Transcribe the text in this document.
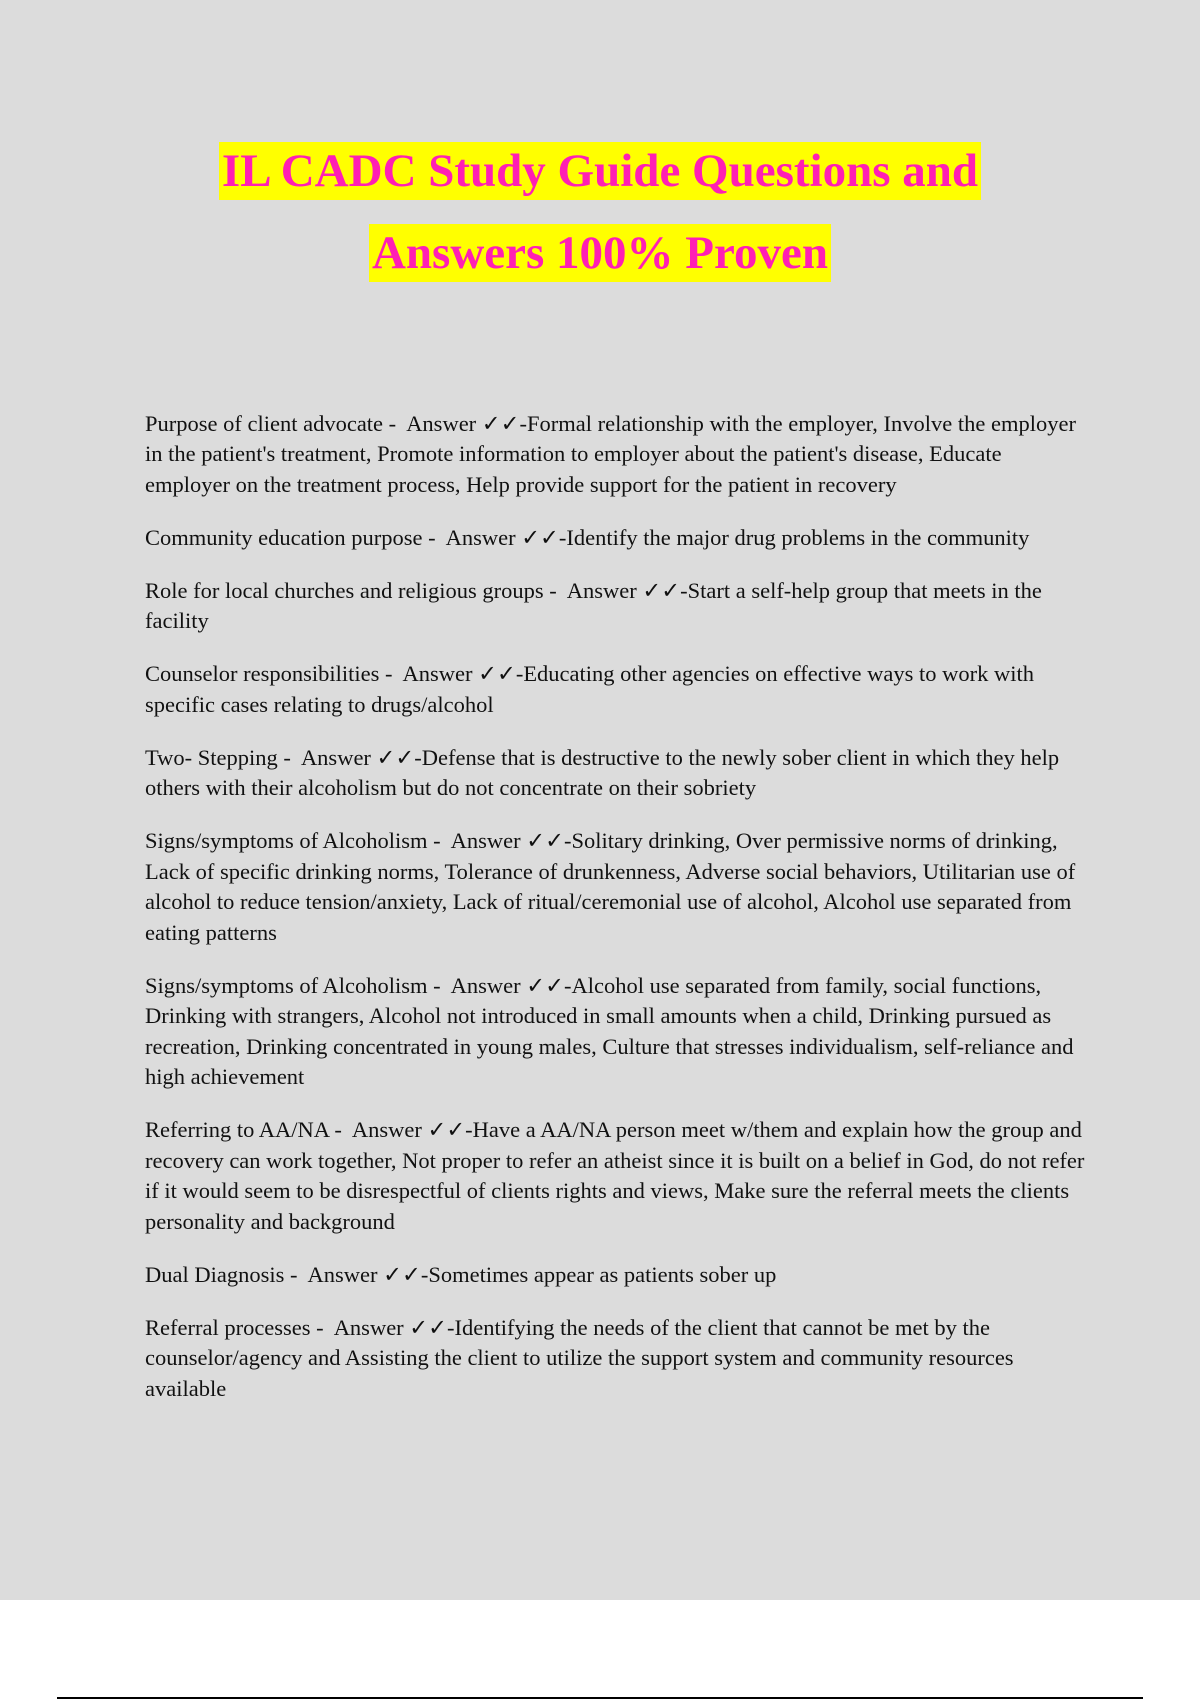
IL CADC Study Guide Questions and
Answers 100% Proven

Purpose of client advocate - Answer ✓✓-Formal relationship with the employer, Involve the employer in the patient's treatment, Promote information to employer about the patient's disease, Educate employer on the treatment process, Help provide support for the patient in recovery

Community education purpose - Answer ✓✓-Identify the major drug problems in the community

Role for local churches and religious groups - Answer ✓✓-Start a self-help group that meets in the facility

Counselor responsibilities - Answer ✓✓-Educating other agencies on effective ways to work with specific cases relating to drugs/alcohol

Two- Stepping - Answer ✓✓-Defense that is destructive to the newly sober client in which they help others with their alcoholism but do not concentrate on their sobriety

Signs/symptoms of Alcoholism - Answer ✓✓-Solitary drinking, Over permissive norms of drinking, Lack of specific drinking norms, Tolerance of drunkenness, Adverse social behaviors, Utilitarian use of alcohol to reduce tension/anxiety, Lack of ritual/ceremonial use of alcohol, Alcohol use separated from eating patterns

Signs/symptoms of Alcoholism - Answer ✓✓-Alcohol use separated from family, social functions, Drinking with strangers, Alcohol not introduced in small amounts when a child, Drinking pursued as recreation, Drinking concentrated in young males, Culture that stresses individualism, self-reliance and high achievement

Referring to AA/NA - Answer ✓✓-Have a AA/NA person meet w/them and explain how the group and recovery can work together, Not proper to refer an atheist since it is built on a belief in God, do not refer if it would seem to be disrespectful of clients rights and views, Make sure the referral meets the clients personality and background

Dual Diagnosis - Answer ✓✓-Sometimes appear as patients sober up

Referral processes - Answer ✓✓-Identifying the needs of the client that cannot be met by the counselor/agency and Assisting the client to utilize the support system and community resources available
